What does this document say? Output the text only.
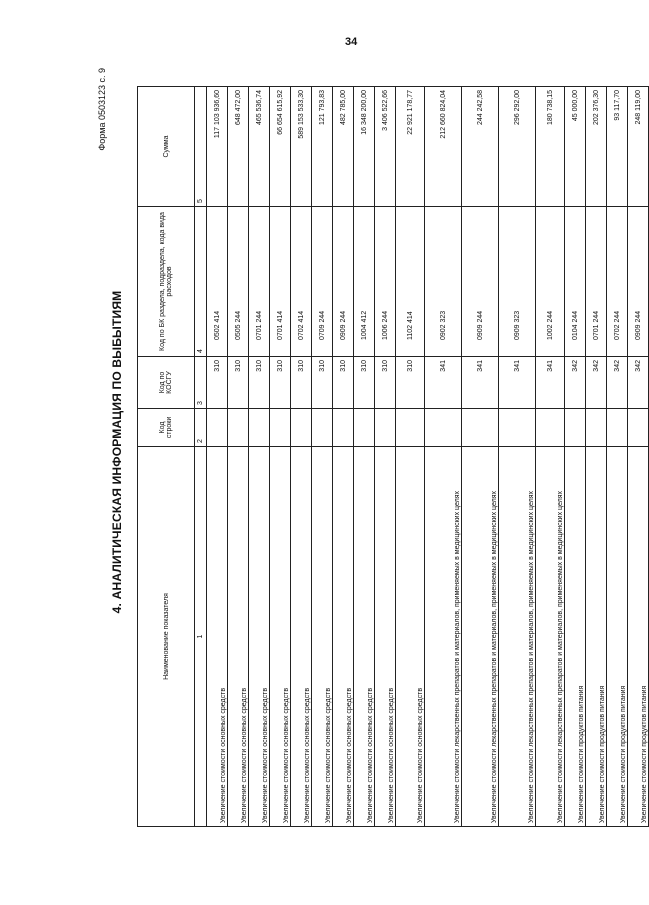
34
Форма 0503123 с. 9
4. АНАЛИТИЧЕСКАЯ ИНФОРМАЦИЯ ПО ВЫБЫТИЯМ
Наименование показателя	Код строки	Код по КОСГУ	Код по БК раздела, подраздела, кода вида расходов	Сумма
1	2	3	4	5
Увеличение стоимости основных средств		310	0502 414	117 103 936,60
Увеличение стоимости основных средств		310	0505 244	648 472,00
Увеличение стоимости основных средств		310	0701 244	465 536,74
Увеличение стоимости основных средств		310	0701 414	66 654 615,92
Увеличение стоимости основных средств		310	0702 414	589 153 533,30
Увеличение стоимости основных средств		310	0709 244	121 793,83
Увеличение стоимости основных средств		310	0909 244	482 785,00
Увеличение стоимости основных средств		310	1004 412	16 348 200,00
Увеличение стоимости основных средств		310	1006 244	3 406 522,66
Увеличение стоимости основных средств		310	1102 414	22 921 178,77
Увеличение стоимости лекарственных препаратов и материалов, применяемых в медицинских целях		341	0902 323	212 660 824,04
Увеличение стоимости лекарственных препаратов и материалов, применяемых в медицинских целях		341	0909 244	244 242,58
Увеличение стоимости лекарственных препаратов и материалов, применяемых в медицинских целях		341	0909 323	296 292,00
Увеличение стоимости лекарственных препаратов и материалов, применяемых в медицинских целях		341	1002 244	180 738,15
Увеличение стоимости продуктов питания		342	0104 244	45 000,00
Увеличение стоимости продуктов питания		342	0701 244	202 376,30
Увеличение стоимости продуктов питания		342	0702 244	93 117,70
Увеличение стоимости продуктов питания		342	0909 244	248 119,00
